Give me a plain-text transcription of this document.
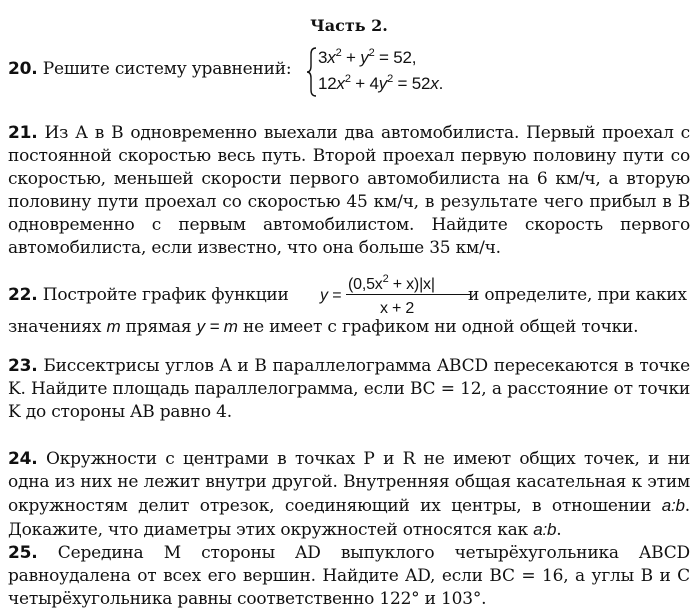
Часть 2.
20. Решите систему уравнений:
$3x^2 + y^2 = 52$,
$12x^2 + 4y^2 = 52x$.
21. Из А в В одновременно выехали два автомобилиста. Первый проехал с постоянной скоростью весь путь. Второй проехал первую половину пути со скоростью, меньшей скорости первого автомобилиста на 6 км/ч, а вторую половину пути проехал со скоростью 45 км/ч, в результате чего прибыл в В одновременно с первым автомобилистом. Найдите скорость первого автомобилиста, если известно, что она больше 35 км/ч.
22. Постройте график функции y =
$(0,5x^2 + x)|x|$
x + 2
и определите, при каких
значениях m прямая y = m не имеет с графиком ни одной общей точки.
23. Биссектрисы углов A и B параллелограмма ABCD пересекаются в точке K. Найдите площадь параллелограмма, если BC = 12, а расстояние от точки K до стороны AB равно 4.
24. Окружности с центрами в точках P и R не имеют общих точек, и ни одна из них не лежит внутри другой. Внутренняя общая касательная к этим окружностям делит отрезок, соединяющий их центры, в отношении a:b. Докажите, что диаметры этих окружностей относятся как a:b.
25. Середина M стороны AD выпуклого четырёхугольника ABCD равноудалена от всех его вершин. Найдите AD, если BC = 16, а углы B и C четырёхугольника равны соответственно 122° и 103°.
